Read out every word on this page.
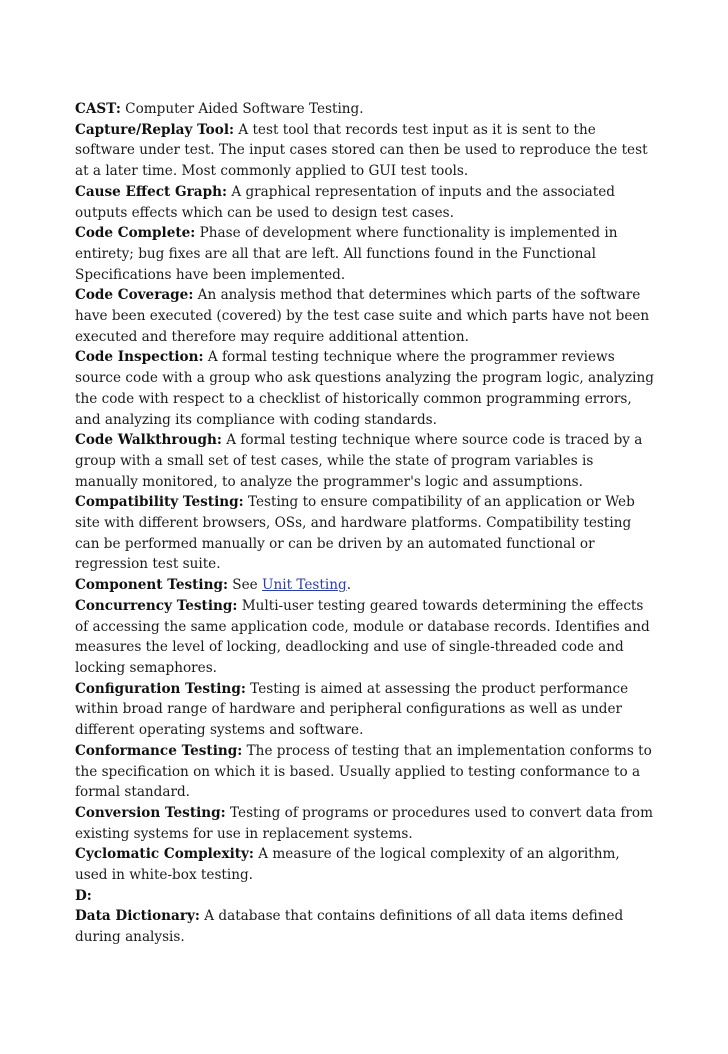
CAST: Computer Aided Software Testing.

Capture/Replay Tool: A test tool that records test input as it is sent to the software under test. The input cases stored can then be used to reproduce the test at a later time. Most commonly applied to GUI test tools.

Cause Effect Graph: A graphical representation of inputs and the associated outputs effects which can be used to design test cases.

Code Complete: Phase of development where functionality is implemented in entirety; bug fixes are all that are left. All functions found in the Functional Specifications have been implemented.

Code Coverage: An analysis method that determines which parts of the software have been executed (covered) by the test case suite and which parts have not been executed and therefore may require additional attention.

Code Inspection: A formal testing technique where the programmer reviews source code with a group who ask questions analyzing the program logic, analyzing the code with respect to a checklist of historically common programming errors, and analyzing its compliance with coding standards.

Code Walkthrough: A formal testing technique where source code is traced by a group with a small set of test cases, while the state of program variables is manually monitored, to analyze the programmer's logic and assumptions.

Compatibility Testing: Testing to ensure compatibility of an application or Web site with different browsers, OSs, and hardware platforms. Compatibility testing can be performed manually or can be driven by an automated functional or regression test suite.

Component Testing: See Unit Testing.

Concurrency Testing: Multi-user testing geared towards determining the effects of accessing the same application code, module or database records. Identifies and measures the level of locking, deadlocking and use of single-threaded code and locking semaphores.

Configuration Testing: Testing is aimed at assessing the product performance within broad range of hardware and peripheral configurations as well as under different operating systems and software.

Conformance Testing: The process of testing that an implementation conforms to the specification on which it is based. Usually applied to testing conformance to a formal standard.

Conversion Testing: Testing of programs or procedures used to convert data from existing systems for use in replacement systems.

Cyclomatic Complexity: A measure of the logical complexity of an algorithm, used in white-box testing.

D:

Data Dictionary: A database that contains definitions of all data items defined during analysis.
